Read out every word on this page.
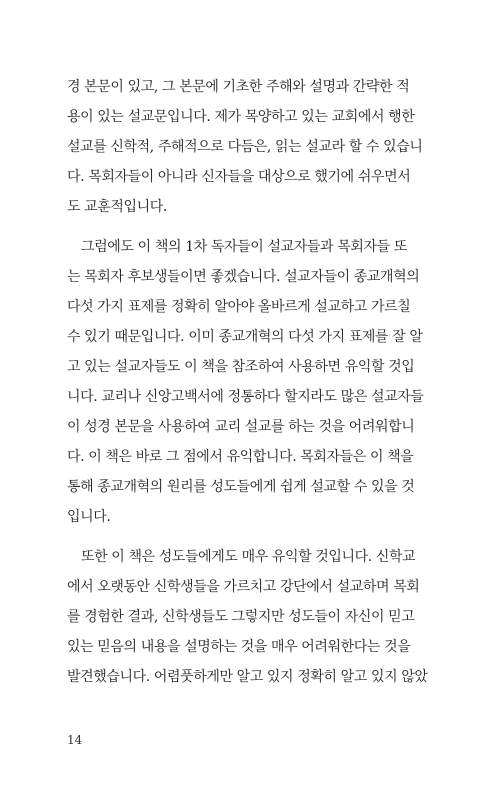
경 본문이 있고, 그 본문에 기초한 주해와 설명과 간략한 적
용이 있는 설교문입니다. 제가 목양하고 있는 교회에서 행한
설교를 신학적, 주해적으로 다듬은, 읽는 설교라 할 수 있습니
다. 목회자들이 아니라 신자들을 대상으로 했기에 쉬우면서
도 교훈적입니다.
그럼에도 이 책의 1차 독자들이 설교자들과 목회자들 또
는 목회자 후보생들이면 좋겠습니다. 설교자들이 종교개혁의
다섯 가지 표제를 정확히 알아야 올바르게 설교하고 가르칠
수 있기 때문입니다. 이미 종교개혁의 다섯 가지 표제를 잘 알
고 있는 설교자들도 이 책을 참조하여 사용하면 유익할 것입
니다. 교리나 신앙고백서에 정통하다 할지라도 많은 설교자들
이 성경 본문을 사용하여 교리 설교를 하는 것을 어려워합니
다. 이 책은 바로 그 점에서 유익합니다. 목회자들은 이 책을
통해 종교개혁의 원리를 성도들에게 쉽게 설교할 수 있을 것
입니다.
또한 이 책은 성도들에게도 매우 유익할 것입니다. 신학교
에서 오랫동안 신학생들을 가르치고 강단에서 설교하며 목회
를 경험한 결과, 신학생들도 그렇지만 성도들이 자신이 믿고
있는 믿음의 내용을 설명하는 것을 매우 어려워한다는 것을
발견했습니다. 어렴풋하게만 알고 있지 정확히 알고 있지 않았
14
